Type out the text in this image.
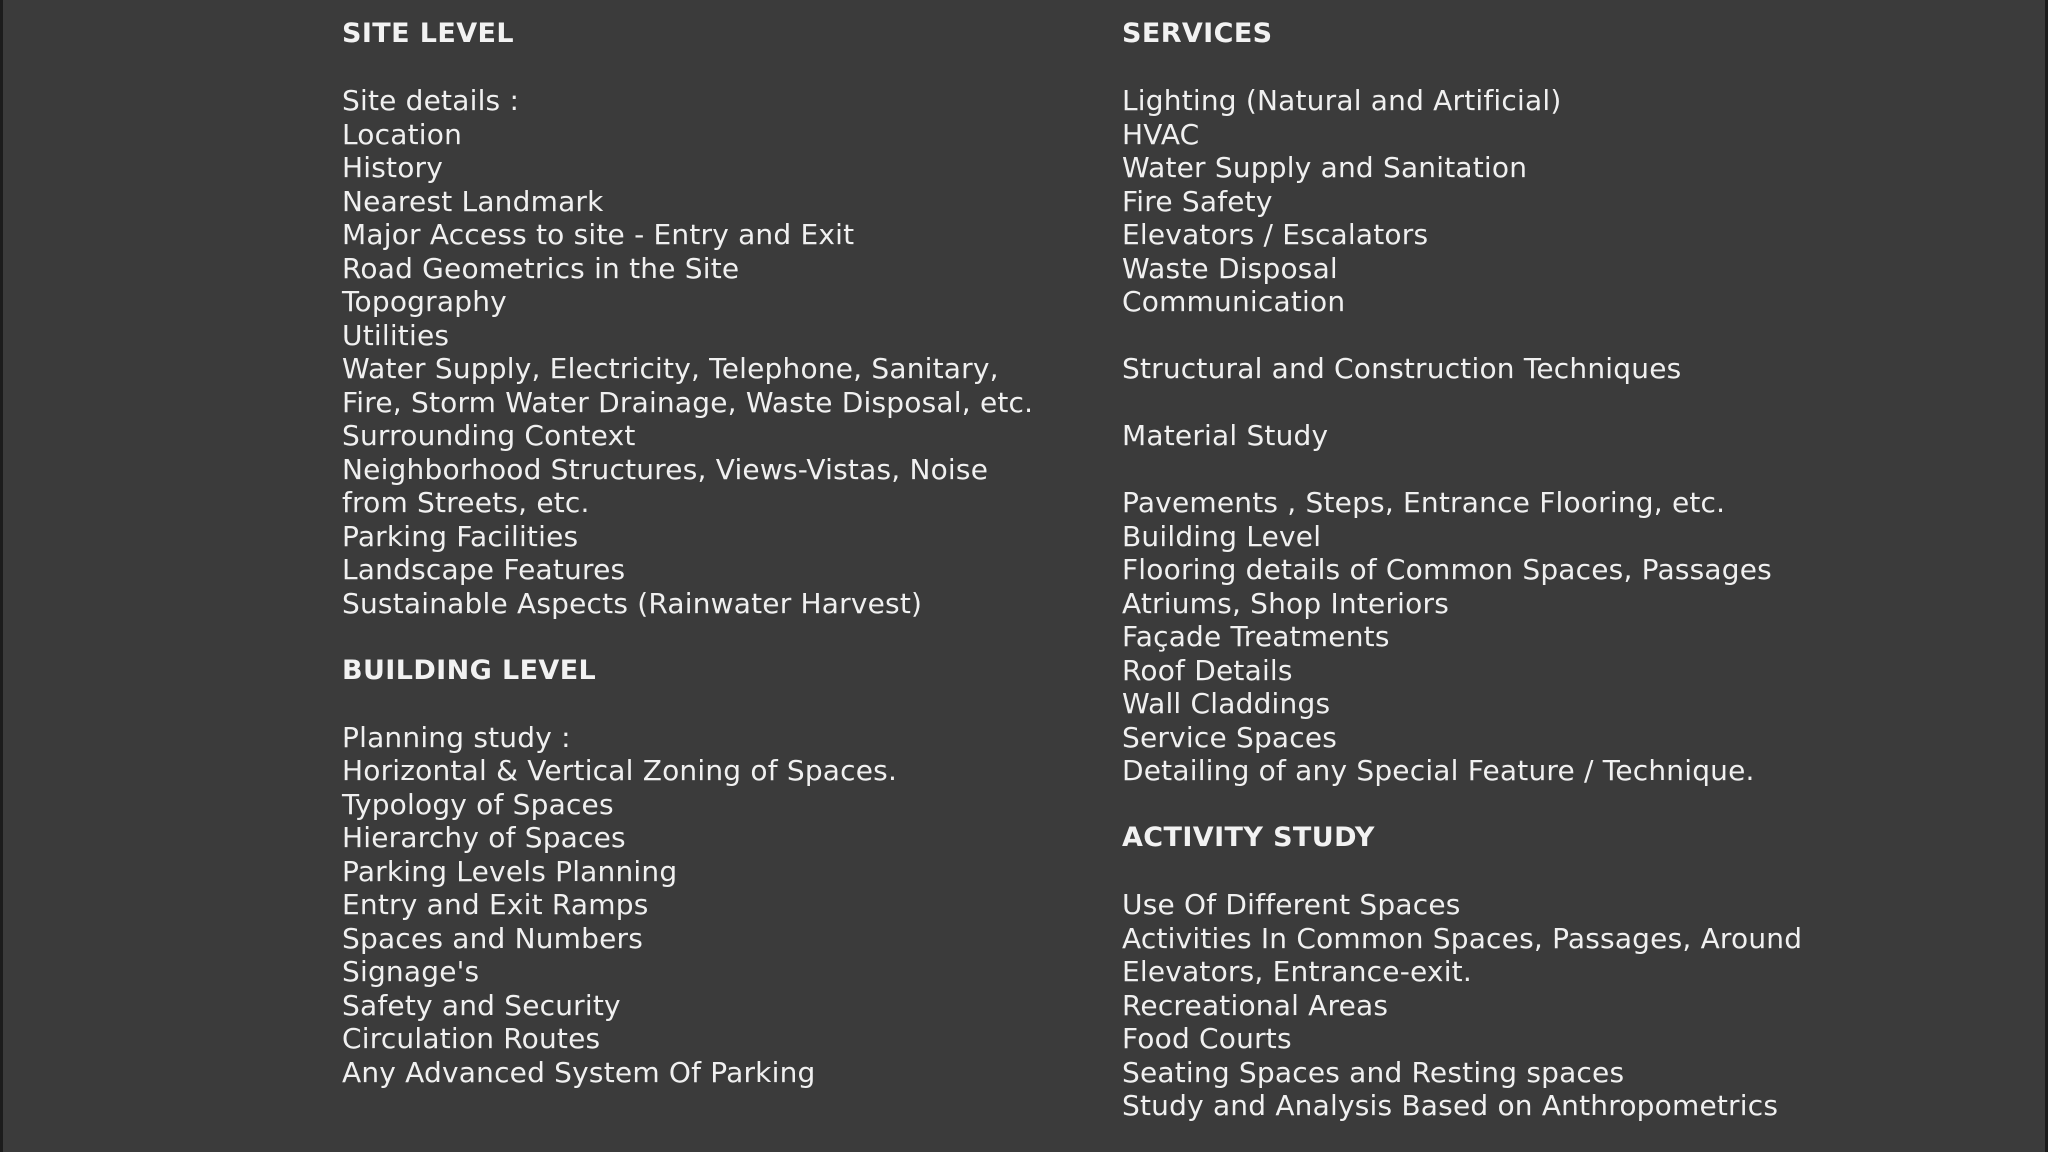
SITE LEVEL
Site details :
Location
History
Nearest Landmark
Major Access to site - Entry and Exit
Road Geometrics in the Site
Topography
Utilities
Water Supply, Electricity, Telephone, Sanitary,
Fire, Storm Water Drainage, Waste Disposal, etc.
Surrounding Context
Neighborhood Structures, Views-Vistas, Noise
from Streets, etc.
Parking Facilities
Landscape Features
Sustainable Aspects (Rainwater Harvest)
BUILDING LEVEL
Planning study :
Horizontal & Vertical Zoning of Spaces.
Typology of Spaces
Hierarchy of Spaces
Parking Levels Planning
Entry and Exit Ramps
Spaces and Numbers
Signage's
Safety and Security
Circulation Routes
Any Advanced System Of Parking
SERVICES
Lighting (Natural and Artificial)
HVAC
Water Supply and Sanitation
Fire Safety
Elevators / Escalators
Waste Disposal
Communication
Structural and Construction Techniques
Material Study
Pavements , Steps, Entrance Flooring, etc.
Building Level
Flooring details of Common Spaces, Passages
Atriums, Shop Interiors
Façade Treatments
Roof Details
Wall Claddings
Service Spaces
Detailing of any Special Feature / Technique.
ACTIVITY STUDY
Use Of Different Spaces
Activities In Common Spaces, Passages, Around
Elevators, Entrance-exit.
Recreational Areas
Food Courts
Seating Spaces and Resting spaces
Study and Analysis Based on Anthropometrics
